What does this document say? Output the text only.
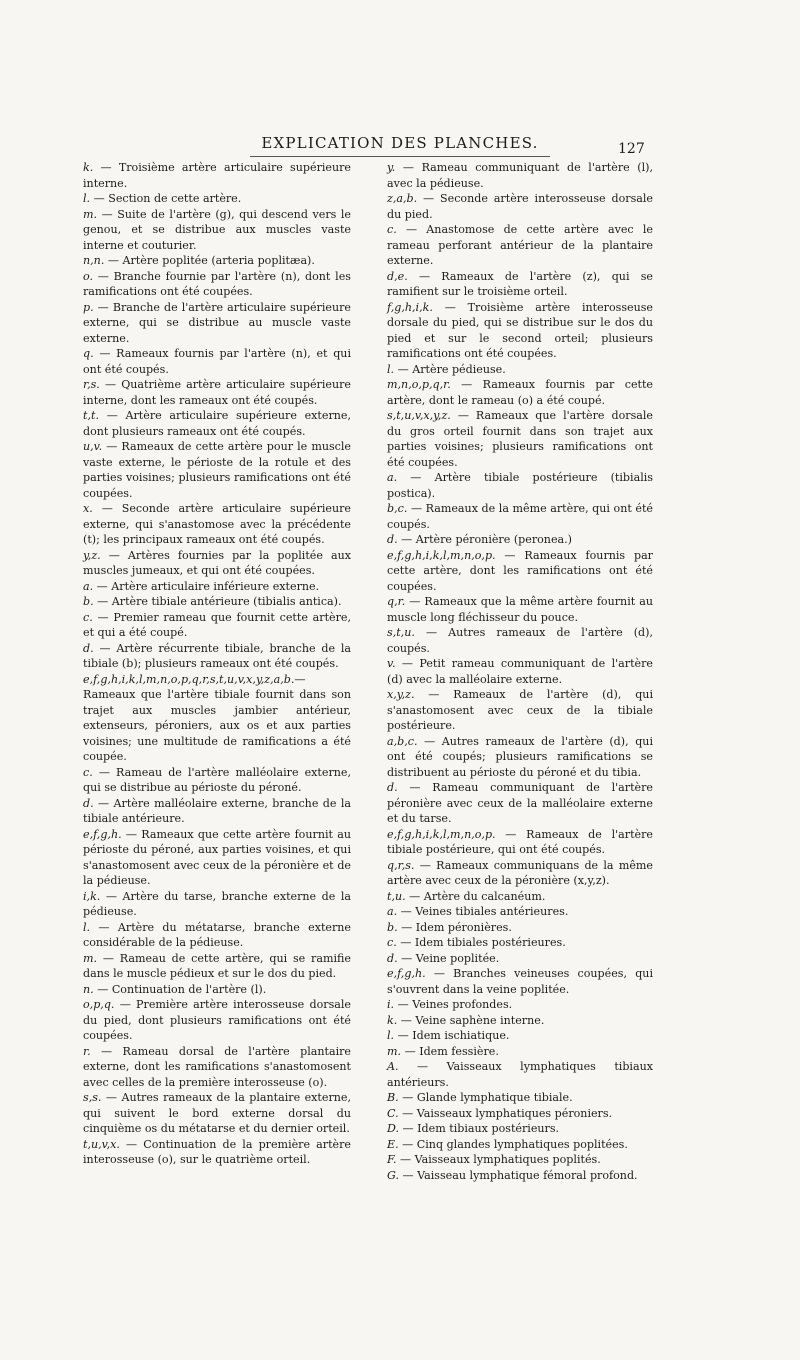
EXPLICATION DES PLANCHES.	127

k. — Troisième artère articulaire supérieure interne.

l. — Section de cette artère.

m. — Suite de l'artère (g), qui descend vers le genou, et se distribue aux muscles vaste interne et couturier.

n,n. — Artère poplitée (arteria poplitæa).

o. — Branche fournie par l'artère (n), dont les ramifications ont été coupées.

p. — Branche de l'artère articulaire supérieure externe, qui se distribue au muscle vaste externe.

q. — Rameaux fournis par l'artère (n), et qui ont été coupés.

r,s. — Quatrième artère articulaire supérieure interne, dont les rameaux ont été coupés.

t,t. — Artère articulaire supérieure externe, dont plusieurs rameaux ont été coupés.

u,v. — Rameaux de cette artère pour le muscle vaste externe, le périoste de la rotule et des parties voisines; plusieurs ramifications ont été coupées.

x. — Seconde artère articulaire supérieure externe, qui s'anastomose avec la précédente (t); les principaux rameaux ont été coupés.

y,z. — Artères fournies par la poplitée aux muscles jumeaux, et qui ont été coupées.

a. — Artère articulaire inférieure externe.

b. — Artère tibiale antérieure (tibialis antica).

c. — Premier rameau que fournit cette artère, et qui a été coupé.

d. — Artère récurrente tibiale, branche de la tibiale (b); plusieurs rameaux ont été coupés.

e,f,g,h,i,k,l,m,n,o,p,q,r,s,t,u,v,x,y,z,a,b.—Rameaux que l'artère tibiale fournit dans son trajet aux muscles jambier antérieur, extenseurs, péroniers, aux os et aux parties voisines; une multitude de ramifications a été coupée.

c. — Rameau de l'artère malléolaire externe, qui se distribue au périoste du péroné.

d. — Artère malléolaire externe, branche de la tibiale antérieure.

e,f,g,h. — Rameaux que cette artère fournit au périoste du péroné, aux parties voisines, et qui s'anastomosent avec ceux de la péronière et de la pédieuse.

i,k. — Artère du tarse, branche externe de la pédieuse.

l. — Artère du métatarse, branche externe considérable de la pédieuse.

m. — Rameau de cette artère, qui se ramifie dans le muscle pédieux et sur le dos du pied.

n. — Continuation de l'artère (l).

o,p,q. — Première artère interosseuse dorsale du pied, dont plusieurs ramifications ont été coupées.

r. — Rameau dorsal de l'artère plantaire externe, dont les ramifications s'anastomosent avec celles de la première interosseuse (o).

s,s. — Autres rameaux de la plantaire externe, qui suivent le bord externe dorsal du cinquième os du métatarse et du dernier orteil.

t,u,v,x. — Continuation de la première artère interosseuse (o), sur le quatrième orteil.

y. — Rameau communiquant de l'artère (l), avec la pédieuse.

z,a,b. — Seconde artère interosseuse dorsale du pied.

c. — Anastomose de cette artère avec le rameau perforant antérieur de la plantaire externe.

d,e. — Rameaux de l'artère (z), qui se ramifient sur le troisième orteil.

f,g,h,i,k. — Troisième artère interosseuse dorsale du pied, qui se distribue sur le dos du pied et sur le second orteil; plusieurs ramifications ont été coupées.

l. — Artère pédieuse.

m,n,o,p,q,r. — Rameaux fournis par cette artère, dont le rameau (o) a été coupé.

s,t,u,v,x,y,z. — Rameaux que l'artère dorsale du gros orteil fournit dans son trajet aux parties voisines; plusieurs ramifications ont été coupées.

a. — Artère tibiale postérieure (tibialis postica).

b,c. — Rameaux de la même artère, qui ont été coupés.

d. — Artère péronière (peronea.)

e,f,g,h,i,k,l,m,n,o,p. — Rameaux fournis par cette artère, dont les ramifications ont été coupées.

q,r. — Rameaux que la même artère fournit au muscle long fléchisseur du pouce.

s,t,u. — Autres rameaux de l'artère (d), coupés.

v. — Petit rameau communiquant de l'artère (d) avec la malléolaire externe.

x,y,z. — Rameaux de l'artère (d), qui s'anastomosent avec ceux de la tibiale postérieure.

a,b,c. — Autres rameaux de l'artère (d), qui ont été coupés; plusieurs ramifications se distribuent au périoste du péroné et du tibia.

d. — Rameau communiquant de l'artère péronière avec ceux de la malléolaire externe et du tarse.

e,f,g,h,i,k,l,m,n,o,p. — Rameaux de l'artère tibiale postérieure, qui ont été coupés.

q,r,s. — Rameaux communiquans de la même artère avec ceux de la péronière (x,y,z).

t,u. — Artère du calcanéum.

a. — Veines tibiales antérieures.

b. — Idem péronières.

c. — Idem tibiales postérieures.

d. — Veine poplitée.

e,f,g,h. — Branches veineuses coupées, qui s'ouvrent dans la veine poplitée.

i. — Veines profondes.

k. — Veine saphène interne.

l. — Idem ischiatique.

m. — Idem fessière.

A. — Vaisseaux lymphatiques tibiaux antérieurs.

B. — Glande lymphatique tibiale.

C. — Vaisseaux lymphatiques péroniers.

D. — Idem tibiaux postérieurs.

E. — Cinq glandes lymphatiques poplitées.

F. — Vaisseaux lymphatiques poplités.

G. — Vaisseau lymphatique fémoral profond.
